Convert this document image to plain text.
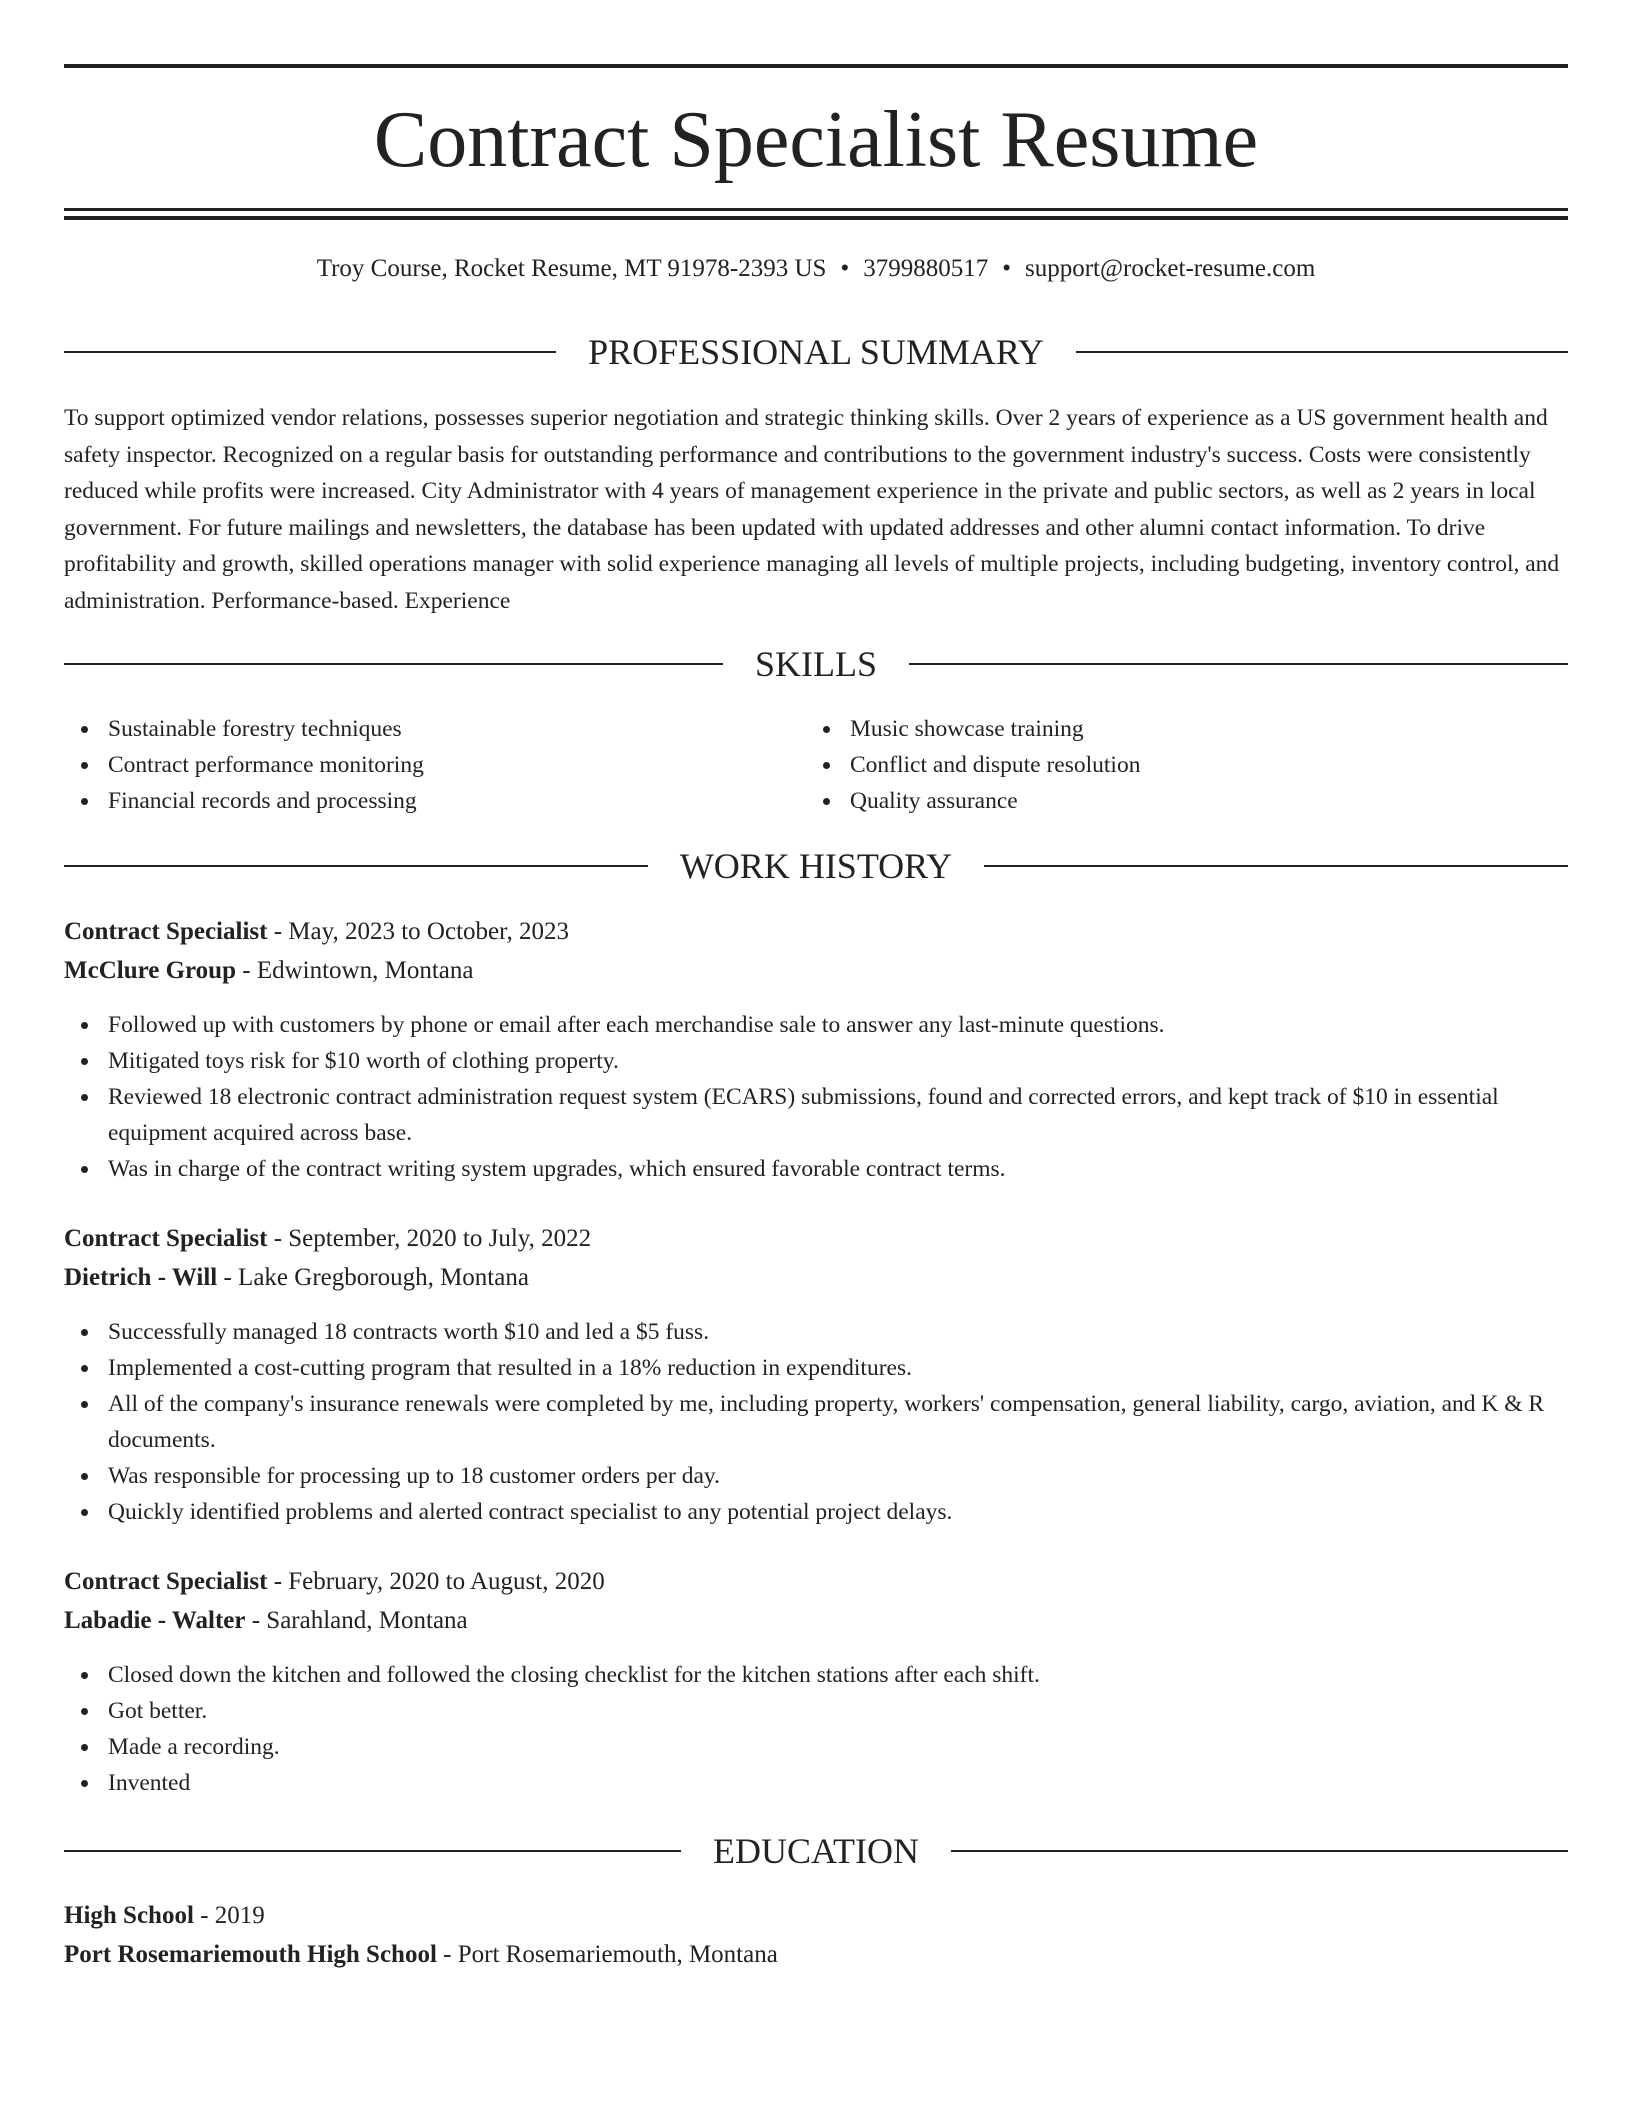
Contract Specialist Resume
Troy Course, Rocket Resume, MT 91978-2393 US • 3799880517 • support@rocket-resume.com
PROFESSIONAL SUMMARY

To support optimized vendor relations, possesses superior negotiation and strategic thinking skills. Over 2 years of experience as a US government health and safety inspector. Recognized on a regular basis for outstanding performance and contributions to the government industry's success. Costs were consistently reduced while profits were increased. City Administrator with 4 years of management experience in the private and public sectors, as well as 2 years in local government. For future mailings and newsletters, the database has been updated with updated addresses and other alumni contact information. To drive profitability and growth, skilled operations manager with solid experience managing all levels of multiple projects, including budgeting, inventory control, and administration. Performance-based. Experience

SKILLS
Sustainable forestry techniques
Contract performance monitoring
Financial records and processing
Music showcase training
Conflict and dispute resolution
Quality assurance
WORK HISTORY
Contract Specialist - May, 2023 to October, 2023
McClure Group - Edwintown, Montana
Followed up with customers by phone or email after each merchandise sale to answer any last-minute questions.
Mitigated toys risk for $10 worth of clothing property.
Reviewed 18 electronic contract administration request system (ECARS) submissions, found and corrected errors, and kept track of $10 in essential equipment acquired across base.
Was in charge of the contract writing system upgrades, which ensured favorable contract terms.
Contract Specialist - September, 2020 to July, 2022
Dietrich - Will - Lake Gregborough, Montana
Successfully managed 18 contracts worth $10 and led a $5 fuss.
Implemented a cost-cutting program that resulted in a 18% reduction in expenditures.
All of the company's insurance renewals were completed by me, including property, workers' compensation, general liability, cargo, aviation, and K & R documents.
Was responsible for processing up to 18 customer orders per day.
Quickly identified problems and alerted contract specialist to any potential project delays.
Contract Specialist - February, 2020 to August, 2020
Labadie - Walter - Sarahland, Montana
Closed down the kitchen and followed the closing checklist for the kitchen stations after each shift.
Got better.
Made a recording.
Invented
EDUCATION
High School - 2019
Port Rosemariemouth High School - Port Rosemariemouth, Montana
